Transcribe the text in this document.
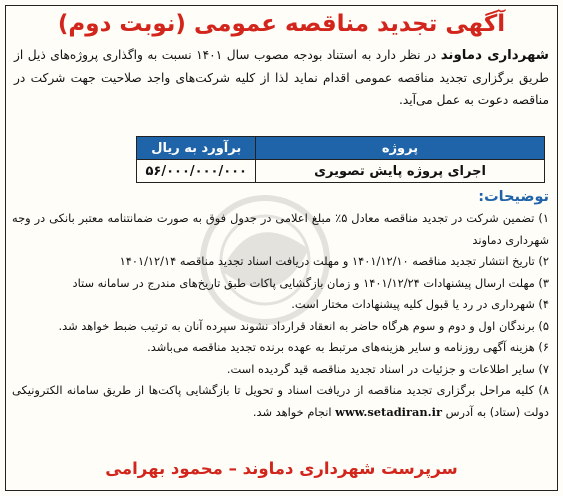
آگهی تجدید مناقصه عمومی (نوبت دوم)

شهرداری دماوند در نظر دارد به استناد بودجه مصوب سال ۱۴۰۱ نسبت به واگذاری پروژه‌های ذیل از طریق برگزاری تجدید مناقصه عمومی اقدام نماید لذا از کلیه شرکت‌های واجد صلاحیت جهت شرکت در مناقصه دعوت به عمل می‌آید.

پروژه	برآورد به ریال
اجرای پروژه پایش تصویری	۵۶/۰۰۰/۰۰۰/۰۰۰
توضیحات:
۱) تضمین شرکت در تجدید مناقصه معادل ۵٪ مبلغ اعلامی در جدول فوق به صورت ضمانتنامه معتبر بانکی در وجه شهرداری دماوند
۲) تاریخ انتشار تجدید مناقصه ۱۴۰۱/۱۲/۱۰ و مهلت دریافت اسناد تجدید مناقصه ۱۴۰۱/۱۲/۱۴
۳) مهلت ارسال پیشنهادات ۱۴۰۱/۱۲/۲۴ و زمان بازگشایی پاکات طبق تاریخ‌های مندرج در سامانه ستاد
۴) شهرداری در رد یا قبول کلیه پیشنهادات مختار است.
۵) برندگان اول و دوم و سوم هرگاه حاضر به انعقاد قرارداد نشوند سپرده آنان به ترتیب ضبط خواهد شد.
۶) هزینه آگهی روزنامه و سایر هزینه‌های مرتبط به عهده برنده تجدید مناقصه می‌باشد.
۷) سایر اطلاعات و جزئیات در اسناد تجدید مناقصه قید گردیده است.
۸) کلیه مراحل برگزاری تجدید مناقصه از دریافت اسناد و تحویل تا بازگشایی پاکت‌ها از طریق سامانه الکترونیکی دولت (ستاد) به آدرس www.setadiran.ir انجام خواهد شد.

سرپرست شهرداری دماوند – محمود بهرامی
